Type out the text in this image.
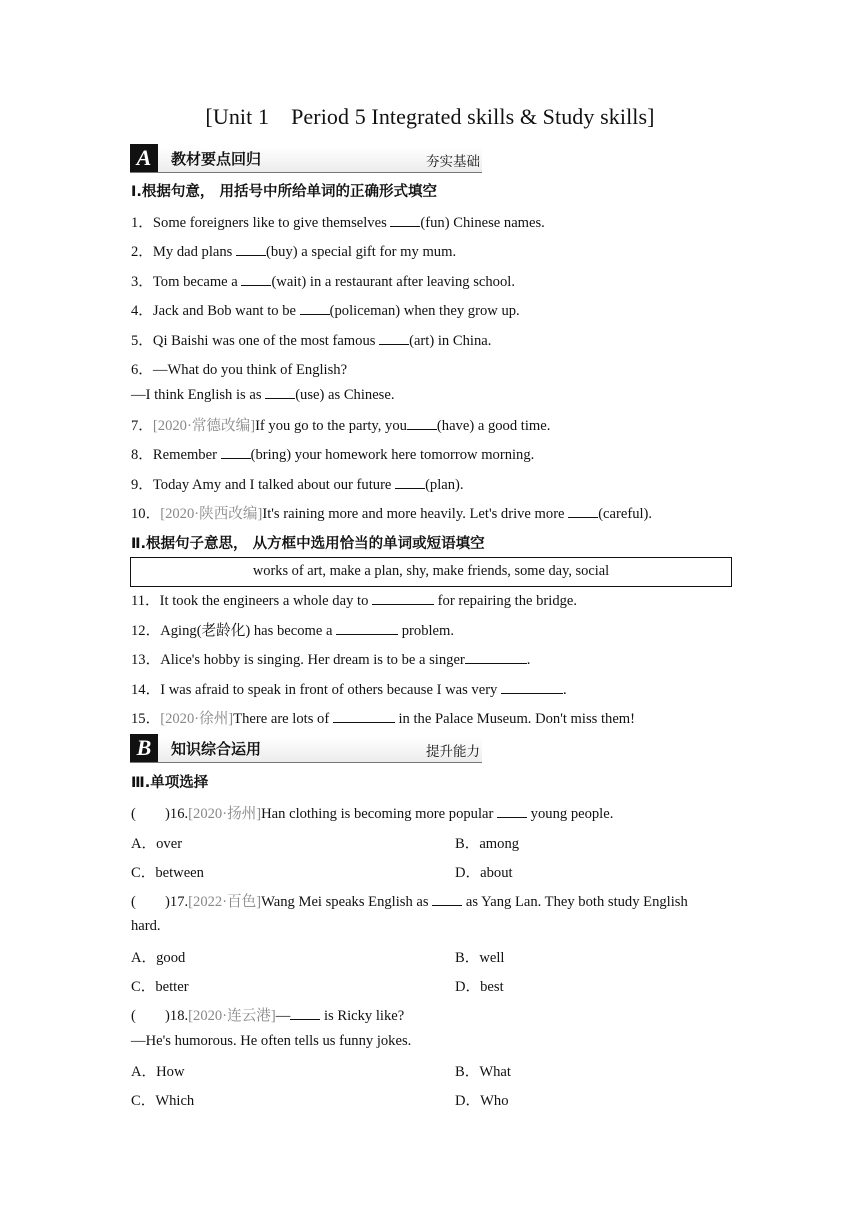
[Unit 1 Period 5 Integrated skills & Study skills]
A	教材要点回归	夯实基础
Ⅰ.根据句意， 用括号中所给单词的正确形式填空
1．Some foreigners like to give themselves (fun) Chinese names.
2．My dad plans (buy) a special gift for my mum.
3．Tom became a (wait) in a restaurant after leaving school.
4．Jack and Bob want to be (policeman) when they grow up.
5．Qi Baishi was one of the most famous (art) in China.
6．—What do you think of English?
—I think English is as (use) as Chinese.
7．[2020·常德改编]If you go to the party, you (have) a good time.
8．Remember (bring) your homework here tomorrow morning.
9．Today Amy and I talked about our future (plan).
10．[2020·陕西改编]It's raining more and more heavily. Let's drive more (careful).
Ⅱ.根据句子意思， 从方框中选用恰当的单词或短语填空
works of art, make a plan, shy, make friends, some day, social
11．It took the engineers a whole day to	for repairing the bridge.
12．Aging(老龄化) has become a	problem.
13．Alice's hobby is singing. Her dream is to be a singer	.
14．I was afraid to speak in front of others because I was very	.
15．[2020·徐州]There are lots of	in the Palace Museum. Don't miss them!
B	知识综合运用	提升能力
Ⅲ.单项选择
(　　)16.[2020·扬州]Han clothing is becoming more popular  young people.
A．over	B．among
C．between	D．about
(　　)17.[2022·百色]Wang Mei speaks English as  as Yang Lan. They both study English
hard.
A．good	B．well
C．better	D．best
(　　)18.[2020·连云港]— is Ricky like?
—He's humorous. He often tells us funny jokes.
A．How	B．What
C．Which	D．Who
